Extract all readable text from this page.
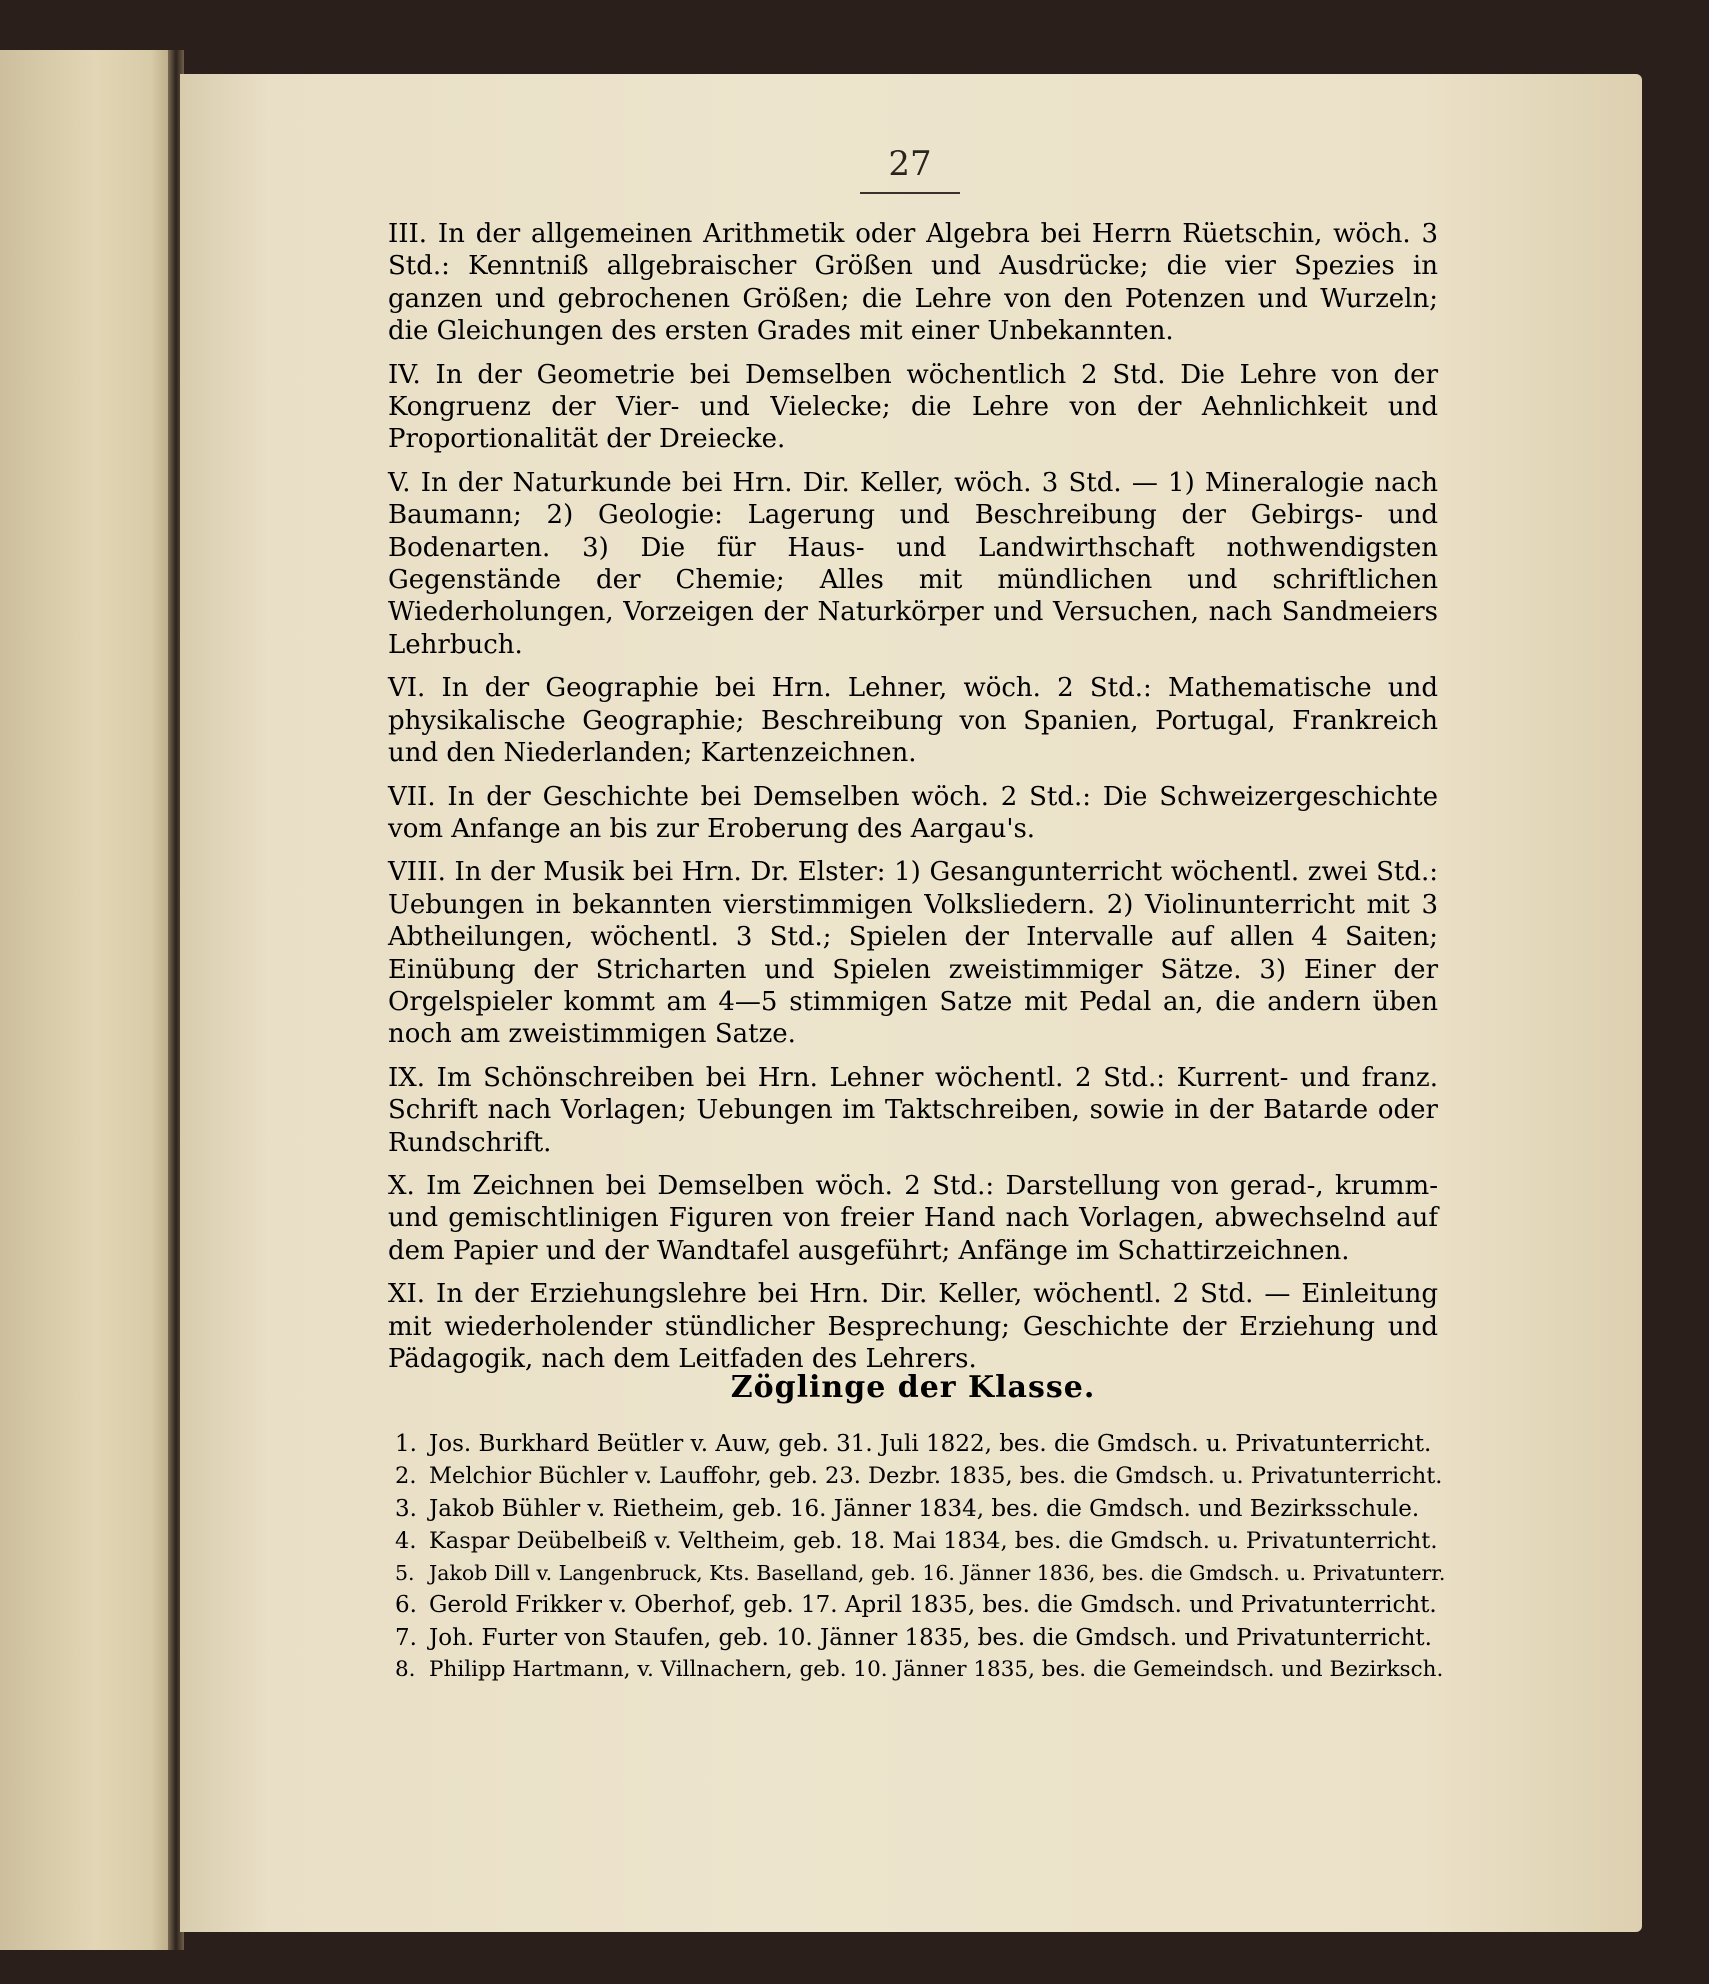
27

III. In der allgemeinen Arithmetik oder Algebra bei Herrn Rüetschin, wöch. 3 Std.: Kenntniß allgebraischer Größen und Ausdrücke; die vier Spezies in ganzen und gebrochenen Größen; die Lehre von den Potenzen und Wurzeln; die Gleichungen des ersten Grades mit einer Unbekannten.

IV. In der Geometrie bei Demselben wöchentlich 2 Std. Die Lehre von der Kongruenz der Vier- und Vielecke; die Lehre von der Aehnlichkeit und Proportionalität der Dreiecke.

V. In der Naturkunde bei Hrn. Dir. Keller, wöch. 3 Std. — 1) Mineralogie nach Baumann; 2) Geologie: Lagerung und Beschreibung der Gebirgs- und Bodenarten. 3) Die für Haus- und Landwirthschaft nothwendigsten Gegenstände der Chemie; Alles mit mündlichen und schriftlichen Wiederholungen, Vorzeigen der Naturkörper und Versuchen, nach Sandmeiers Lehrbuch.

VI. In der Geographie bei Hrn. Lehner, wöch. 2 Std.: Mathematische und physikalische Geographie; Beschreibung von Spanien, Portugal, Frankreich und den Niederlanden; Kartenzeichnen.

VII. In der Geschichte bei Demselben wöch. 2 Std.: Die Schweizergeschichte vom Anfange an bis zur Eroberung des Aargau's.

VIII. In der Musik bei Hrn. Dr. Elster: 1) Gesangunterricht wöchentl. zwei Std.: Uebungen in bekannten vierstimmigen Volksliedern. 2) Violinunterricht mit 3 Abtheilungen, wöchentl. 3 Std.; Spielen der Intervalle auf allen 4 Saiten; Einübung der Stricharten und Spielen zweistimmiger Sätze. 3) Einer der Orgelspieler kommt am 4—5 stimmigen Satze mit Pedal an, die andern üben noch am zweistimmigen Satze.

IX. Im Schönschreiben bei Hrn. Lehner wöchentl. 2 Std.: Kurrent- und franz. Schrift nach Vorlagen; Uebungen im Taktschreiben, sowie in der Batarde oder Rundschrift.

X. Im Zeichnen bei Demselben wöch. 2 Std.: Darstellung von gerad-, krumm- und gemischtlinigen Figuren von freier Hand nach Vorlagen, abwechselnd auf dem Papier und der Wandtafel ausgeführt; Anfänge im Schattirzeichnen.

XI. In der Erziehungslehre bei Hrn. Dir. Keller, wöchentl. 2 Std. — Einleitung mit wiederholender stündlicher Besprechung; Geschichte der Erziehung und Pädagogik, nach dem Leitfaden des Lehrers.

Zöglinge der Klasse.
1. Jos. Burkhard Beütler v. Auw, geb. 31. Juli 1822, bes. die Gmdsch. u. Privatunterricht.
2. Melchior Büchler v. Lauffohr, geb. 23. Dezbr. 1835, bes. die Gmdsch. u. Privatunterricht.
3. Jakob Bühler v. Rietheim, geb. 16. Jänner 1834, bes. die Gmdsch. und Bezirksschule.
4. Kaspar Deübelbeiß v. Veltheim, geb. 18. Mai 1834, bes. die Gmdsch. u. Privatunterricht.
5. Jakob Dill v. Langenbruck, Kts. Baselland, geb. 16. Jänner 1836, bes. die Gmdsch. u. Privatunterr.
6. Gerold Frikker v. Oberhof, geb. 17. April 1835, bes. die Gmdsch. und Privatunterricht.
7. Joh. Furter von Staufen, geb. 10. Jänner 1835, bes. die Gmdsch. und Privatunterricht.
8. Philipp Hartmann, v. Villnachern, geb. 10. Jänner 1835, bes. die Gemeindsch. und Bezirksch.
